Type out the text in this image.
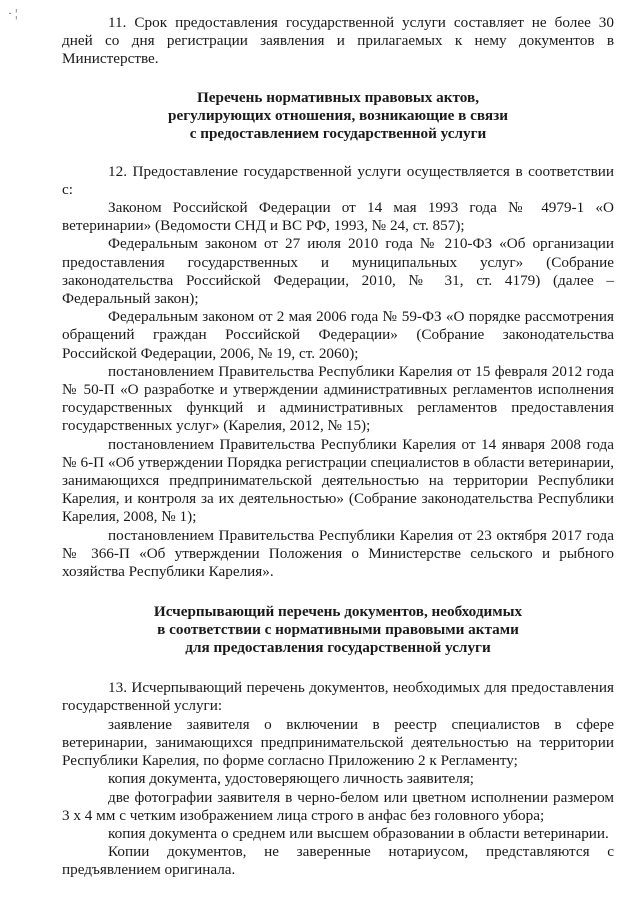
· ¦

11. Срок предоставления государственной услуги составляет не более 30 дней со дня регистрации заявления и прилагаемых к нему документов в Министерстве.

Перечень нормативных правовых актов,
регулирующих отношения, возникающие в связи
с предоставлением государственной услуги

12. Предоставление государственной услуги осуществляется в соответствии с:

Законом Российской Федерации от 14 мая 1993 года № 4979-1 «О ветеринарии» (Ведомости СНД и ВС РФ, 1993, № 24, ст. 857);

Федеральным законом от 27 июля 2010 года № 210-ФЗ «Об организации предоставления государственных и муниципальных услуг» (Собрание законодательства Российской Федерации, 2010, № 31, ст. 4179) (далее – Федеральный закон);

Федеральным законом от 2 мая 2006 года № 59-ФЗ «О порядке рассмотрения обращений граждан Российской Федерации» (Собрание законодательства Российской Федерации, 2006, № 19, ст. 2060);

постановлением Правительства Республики Карелия от 15 февраля 2012 года № 50-П «О разработке и утверждении административных регламентов исполнения государственных функций и административных регламентов предоставления государственных услуг» (Карелия, 2012, № 15);

постановлением Правительства Республики Карелия от 14 января 2008 года № 6-П «Об утверждении Порядка регистрации специалистов в области ветеринарии, занимающихся предпринимательской деятельностью на территории Республики Карелия, и контроля за их деятельностью» (Собрание законодательства Республики Карелия, 2008, № 1);

постановлением Правительства Республики Карелия от 23 октября 2017 года № 366-П «Об утверждении Положения о Министерстве сельского и рыбного хозяйства Республики Карелия».

Исчерпывающий перечень документов, необходимых
в соответствии с нормативными правовыми актами
для предоставления государственной услуги

13. Исчерпывающий перечень документов, необходимых для предоставления государственной услуги:

заявление заявителя о включении в реестр специалистов в сфере ветеринарии, занимающихся предпринимательской деятельностью на территории Республики Карелия, по форме согласно Приложению 2 к Регламенту;

копия документа, удостоверяющего личность заявителя;

две фотографии заявителя в черно-белом или цветном исполнении размером 3 х 4 мм с четким изображением лица строго в анфас без головного убора;

копия документа о среднем или высшем образовании в области ветеринарии.

Копии документов, не заверенные нотариусом, представляются с предъявлением оригинала.
